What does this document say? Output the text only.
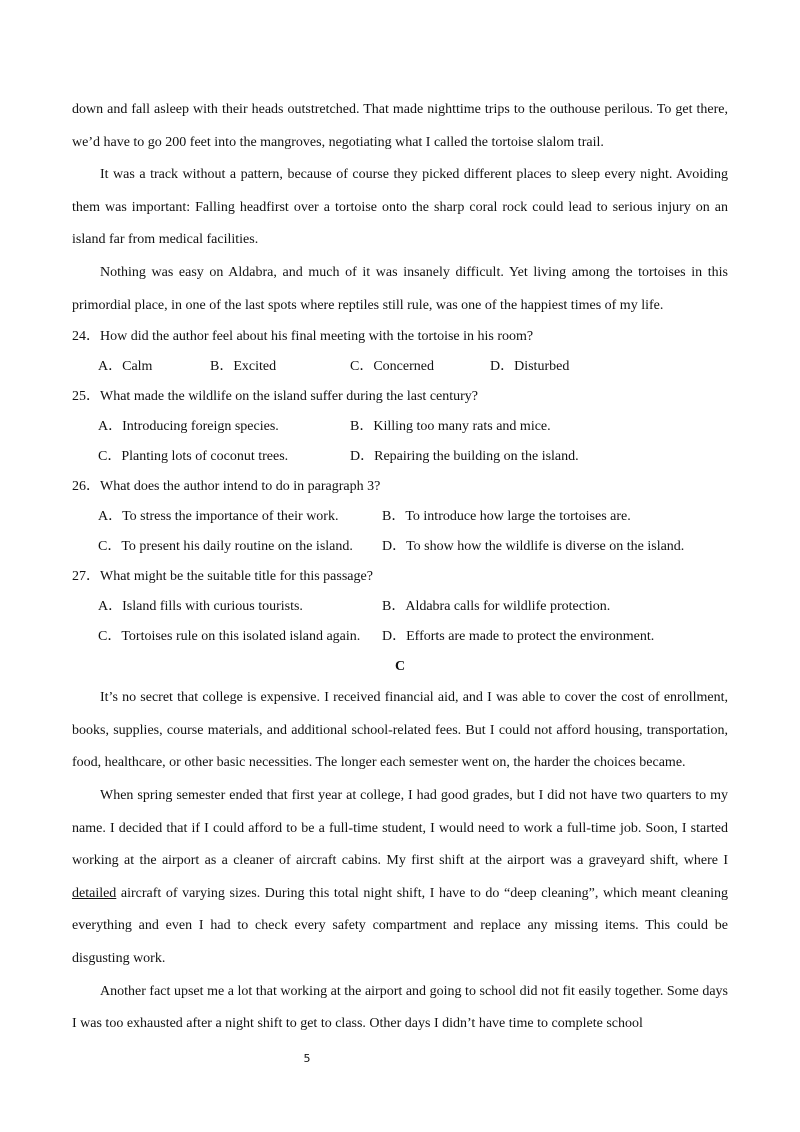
down and fall asleep with their heads outstretched. That made nighttime trips to the outhouse perilous. To get there, we’d have to go 200 feet into the mangroves, negotiating what I called the tortoise slalom trail.

It was a track without a pattern, because of course they picked different places to sleep every night. Avoiding them was important: Falling headfirst over a tortoise onto the sharp coral rock could lead to serious injury on an island far from medical facilities.

Nothing was easy on Aldabra, and much of it was insanely difficult. Yet living among the tortoises in this primordial place, in one of the last spots where reptiles still rule, was one of the happiest times of my life.

24．How did the author feel about his final meeting with the tortoise in his room?

A．Calm	B．Excited	C．Concerned	D．Disturbed

25．What made the wildlife on the island suffer during the last century?

A．Introducing foreign species.	B．Killing too many rats and mice.
C．Planting lots of coconut trees.	D．Repairing the building on the island.

26．What does the author intend to do in paragraph 3?

A．To stress the importance of their work.	B．To introduce how large the tortoises are.
C．To present his daily routine on the island.	D．To show how the wildlife is diverse on the island.

27．What might be the suitable title for this passage?

A．Island fills with curious tourists.	B．Aldabra calls for wildlife protection.
C．Tortoises rule on this isolated island again.	D．Efforts are made to protect the environment.

C

It’s no secret that college is expensive. I received financial aid, and I was able to cover the cost of enrollment, books, supplies, course materials, and additional school-related fees. But I could not afford housing, transportation, food, healthcare, or other basic necessities. The longer each semester went on, the harder the choices became.

When spring semester ended that first year at college, I had good grades, but I did not have two quarters to my name. I decided that if I could afford to be a full-time student, I would need to work a full-time job. Soon, I started working at the airport as a cleaner of aircraft cabins. My first shift at the airport was a graveyard shift, where I detailed aircraft of varying sizes. During this total night shift, I have to do “deep cleaning”, which meant cleaning everything and even I had to check every safety compartment and replace any missing items. This could be disgusting work.

Another fact upset me a lot that working at the airport and going to school did not fit easily together. Some days I was too exhausted after a night shift to get to class. Other days I didn’t have time to complete school

5
